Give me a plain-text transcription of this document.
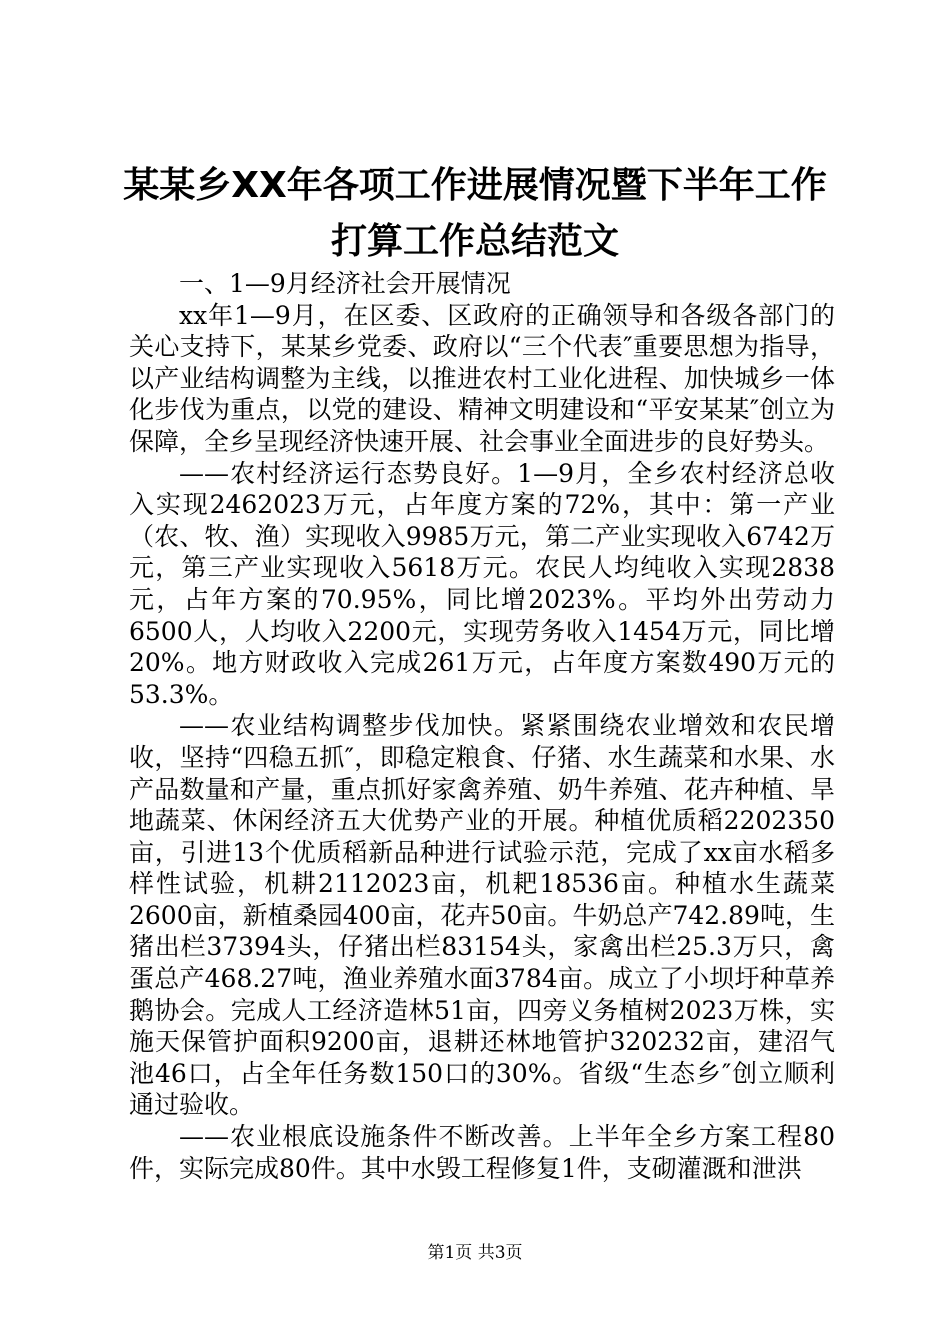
某某乡XX年各项工作进展情况暨下半年工作
打算工作总结范文

一、1—9月经济社会开展情况

xx年1—9月，在区委、区政府的正确领导和各级各部门的关心支持下，某某乡党委、政府以“三个代表″重要思想为指导，以产业结构调整为主线，以推进农村工业化进程、加快城乡一体化步伐为重点，以党的建设、精神文明建设和“平安某某″创立为保障，全乡呈现经济快速开展、社会事业全面进步的良好势头。

——农村经济运行态势良好。1—9月，全乡农村经济总收入实现2462023万元，占年度方案的72%，其中：第一产业（农、牧、渔）实现收入9985万元，第二产业实现收入6742万元，第三产业实现收入5618万元。农民人均纯收入实现2838元，占年方案的70.95%，同比增2023%。平均外出劳动力6500人，人均收入2200元，实现劳务收入1454万元，同比增20%。地方财政收入完成261万元，占年度方案数490万元的53.3%。

——农业结构调整步伐加快。紧紧围绕农业增效和农民增收，坚持“四稳五抓″，即稳定粮食、仔猪、水生蔬菜和水果、水产品数量和产量，重点抓好家禽养殖、奶牛养殖、花卉种植、旱地蔬菜、休闲经济五大优势产业的开展。种植优质稻2202350亩，引进13个优质稻新品种进行试验示范，完成了xx亩水稻多样性试验，机耕2112023亩，机耙18536亩。种植水生蔬菜2600亩，新植桑园400亩，花卉50亩。牛奶总产742.89吨，生猪出栏37394头，仔猪出栏83154头，家禽出栏25.3万只，禽蛋总产468.27吨，渔业养殖水面3784亩。成立了小坝圩种草养鹅协会。完成人工经济造林51亩，四旁义务植树2023万株，实施天保管护面积9200亩，退耕还林地管护320232亩，建沼气池46口，占全年任务数150口的30%。省级“生态乡″创立顺利通过验收。

——农业根底设施条件不断改善。上半年全乡方案工程80件，实际完成80件。其中水毁工程修复1件，支砌灌溉和泄洪

第1页 共3页
